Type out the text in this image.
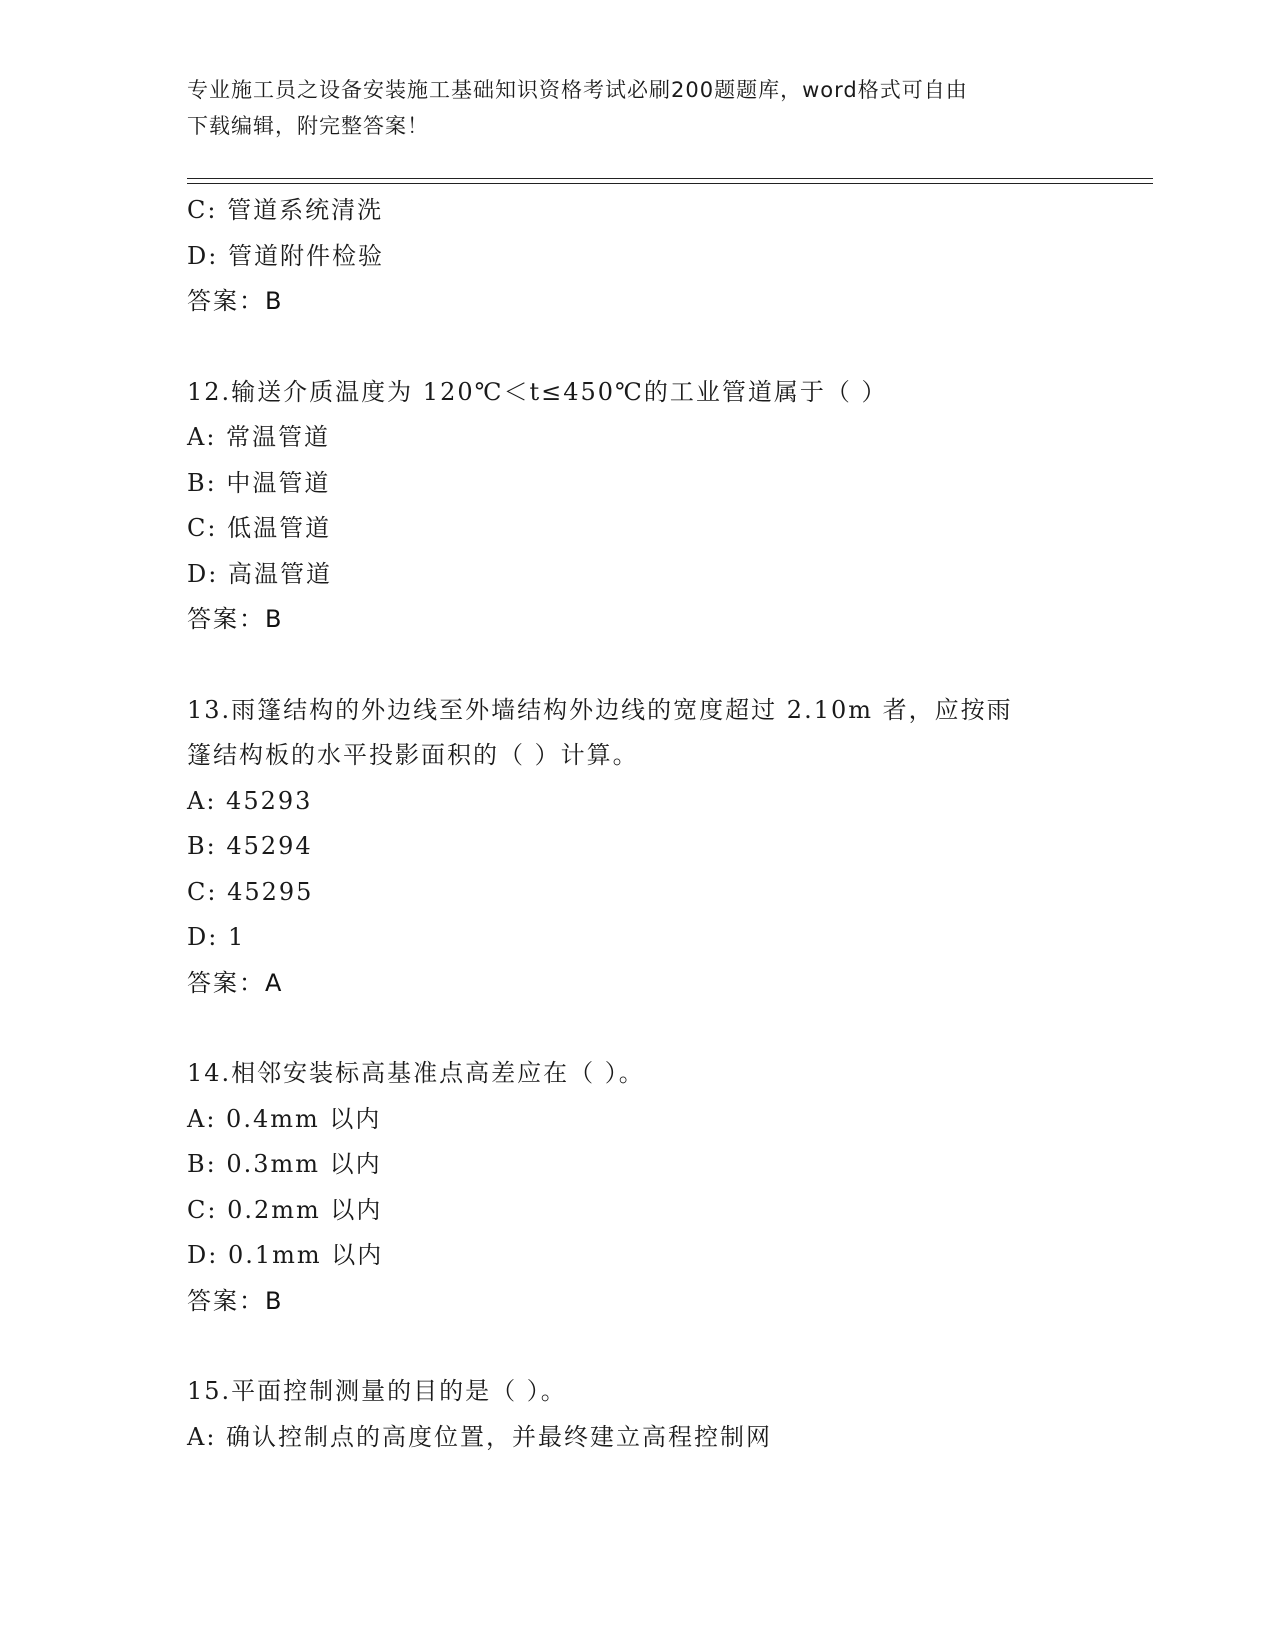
专业施工员之设备安装施工基础知识资格考试必刷200题题库，word格式可自由
下载编辑，附完整答案！
C: 管道系统清洗
D: 管道附件检验
答案：B
12.输送介质温度为 120℃＜t≤450℃的工业管道属于（ ）
A: 常温管道
B: 中温管道
C: 低温管道
D: 高温管道
答案：B
13.雨篷结构的外边线至外墙结构外边线的宽度超过 2.10m 者，应按雨
篷结构板的水平投影面积的（ ）计算。
A: 45293
B: 45294
C: 45295
D: 1
答案：A
14.相邻安装标高基准点高差应在（ ）。
A: 0.4mm 以内
B: 0.3mm 以内
C: 0.2mm 以内
D: 0.1mm 以内
答案：B
15.平面控制测量的目的是（ ）。
A: 确认控制点的高度位置，并最终建立高程控制网
